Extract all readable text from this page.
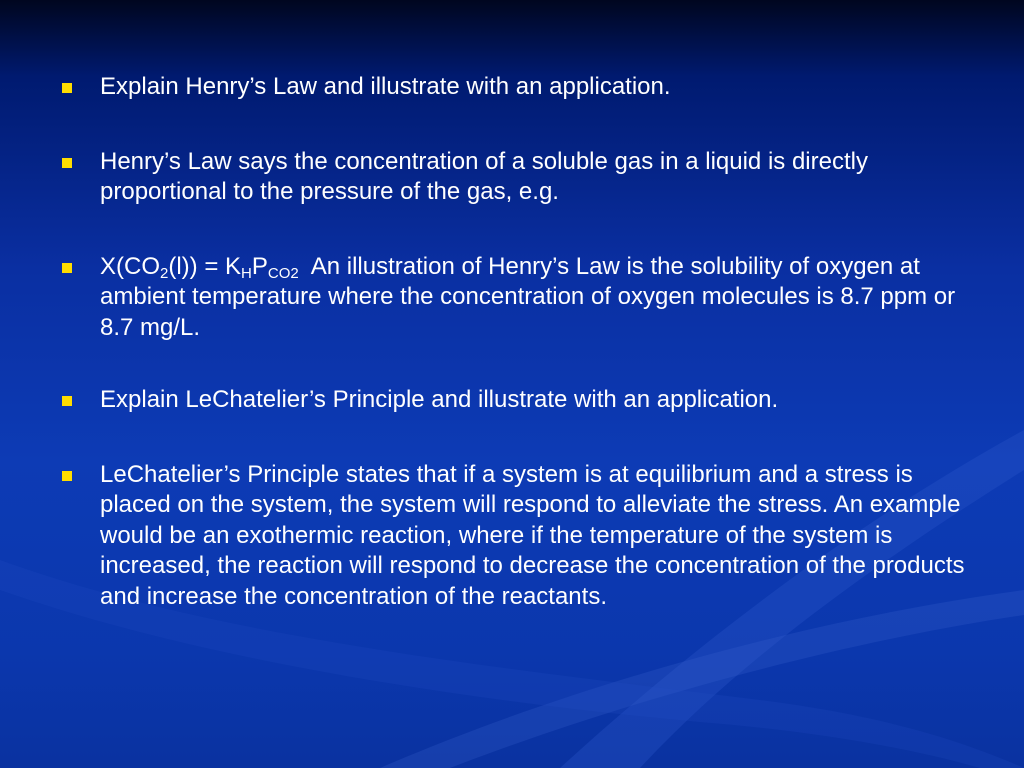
Explain Henry’s Law and illustrate with an application.
Henry’s Law says the concentration of a soluble gas in a liquid is directly proportional to the pressure of the gas, e.g.
$X(CO_2(l)) = K_HP_{CO2}$ An illustration of Henry’s Law is the solubility of oxygen at ambient temperature where the concentration of oxygen molecules is 8.7 ppm or 8.7 mg/L.
Explain LeChatelier’s Principle and illustrate with an application.
LeChatelier’s Principle states that if a system is at equilibrium and a stress is placed on the system, the system will respond to alleviate the stress. An example would be an exothermic reaction, where if the temperature of the system is increased, the reaction will respond to decrease the concentration of the products and increase the concentration of the reactants.
